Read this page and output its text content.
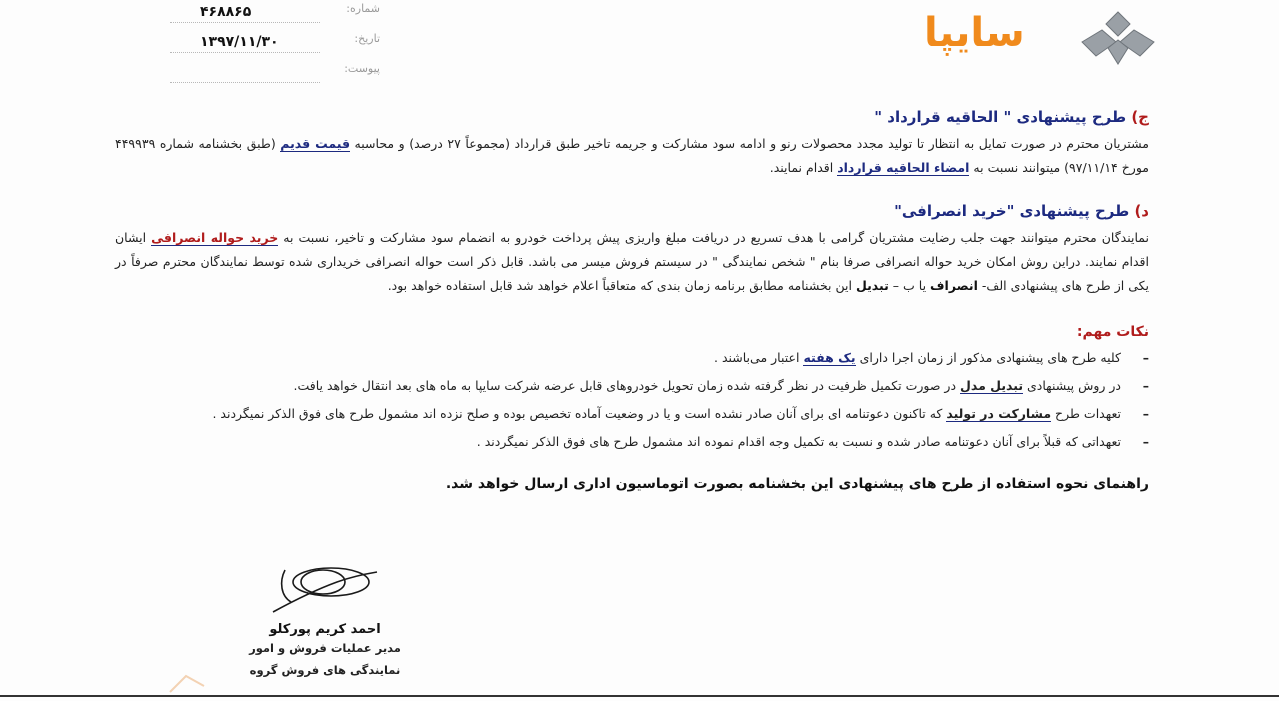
شماره:
۴۶۸۸۶۵
تاریخ:
۱۳۹۷/۱۱/۳۰
پیوست:
سایپا
ج) طرح پیشنهادی " الحاقیه قرارداد "

مشتریان محترم در صورت تمایل به انتظار تا تولید مجدد محصولات رنو و ادامه سود مشارکت و جریمه تاخیر طبق قرارداد (مجموعاً ۲۷ درصد) و محاسبه قیمت قدیم (طبق بخشنامه شماره ۴۴۹۹۳۹ مورخ ۹۷/۱۱/۱۴) میتوانند نسبت به امضاء الحاقیه قرارداد اقدام نمایند.

د) طرح پیشنهادی "خرید انصرافی"

نمایندگان محترم میتوانند جهت جلب رضایت مشتریان گرامی با هدف تسریع در دریافت مبلغ واریزی پیش پرداخت خودرو به انضمام سود مشارکت و تاخیر، نسبت به خرید حواله انصرافی ایشان اقدام نمایند. دراین روش امکان خرید حواله انصرافی صرفا بنام " شخص نمایندگی " در سیستم فروش میسر می باشد. قابل ذکر است حواله انصرافی خریداری شده توسط نمایندگان محترم صرفاً در یکی از طرح های پیشنهادی الف- انصراف یا ب – تبدیل این بخشنامه مطابق برنامه زمان بندی که متعاقباً اعلام خواهد شد قابل استفاده خواهد بود.

نکات مهم:
–
کلیه طرح های پیشنهادی مذکور از زمان اجرا دارای یک هفته اعتبار می‌باشند .
–
در روش پیشنهادی تبدیل مدل در صورت تکمیل ظرفیت در نظر گرفته شده زمان تحویل خودروهای قابل عرضه شرکت سایپا به ماه های بعد انتقال خواهد یافت.
–
تعهدات طرح مشارکت در تولید که تاکنون دعوتنامه ای برای آنان صادر نشده است و یا در وضعیت آماده تخصیص بوده و صلح نزده اند مشمول طرح های فوق الذکر نمیگردند .
–
تعهداتی که قبلاً برای آنان دعوتنامه صادر شده و نسبت به تکمیل وجه اقدام نموده اند مشمول طرح های فوق الذکر نمیگردند .
راهنمای نحوه استفاده از طرح های پیشنهادی این بخشنامه بصورت اتوماسیون اداری ارسال خواهد شد.
احمد کریم پورکلو
مدیر عملیات فروش و امور
نمایندگی های فروش گروه
